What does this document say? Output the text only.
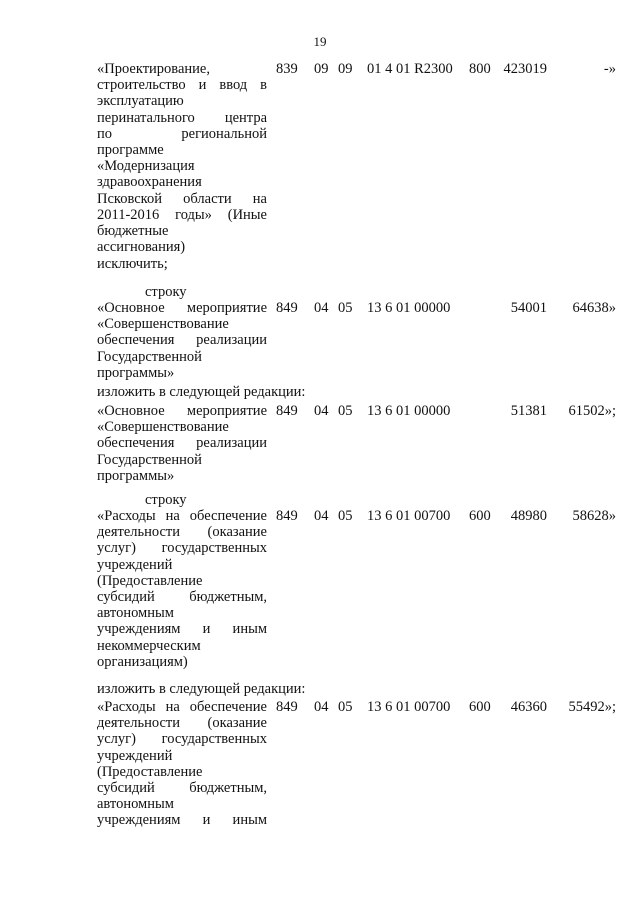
19
«Проектирование,
строительство и ввод в
эксплуатацию
перинатального центра
по региональной
программе
«Модернизация
здравоохранения
Псковской области на
2011-2016 годы» (Иные
бюджетные
ассигнования)
839 09 09 01 4 01 R2300 800 423019	-»
исключить;
строку
«Основное мероприятие
«Совершенствование
обеспечения реализации
Государственной
программы»
849 04 05 13 6 01 00000	54001	64638»
изложить в следующей редакции:
«Основное мероприятие
«Совершенствование
обеспечения реализации
Государственной
программы»
849 04 05 13 6 01 00000	51381	61502»;
строку
«Расходы на обеспечение
деятельности (оказание
услуг) государственных
учреждений
(Предоставление
субсидий бюджетным,
автономным
учреждениям и иным
некоммерческим
организациям)
849 04 05 13 6 01 00700 600	48980	58628»
изложить в следующей редакции:
«Расходы на обеспечение
деятельности (оказание
услуг) государственных
учреждений
(Предоставление
субсидий бюджетным,
автономным
учреждениям и иным
849 04 05 13 6 01 00700 600	46360	55492»;
